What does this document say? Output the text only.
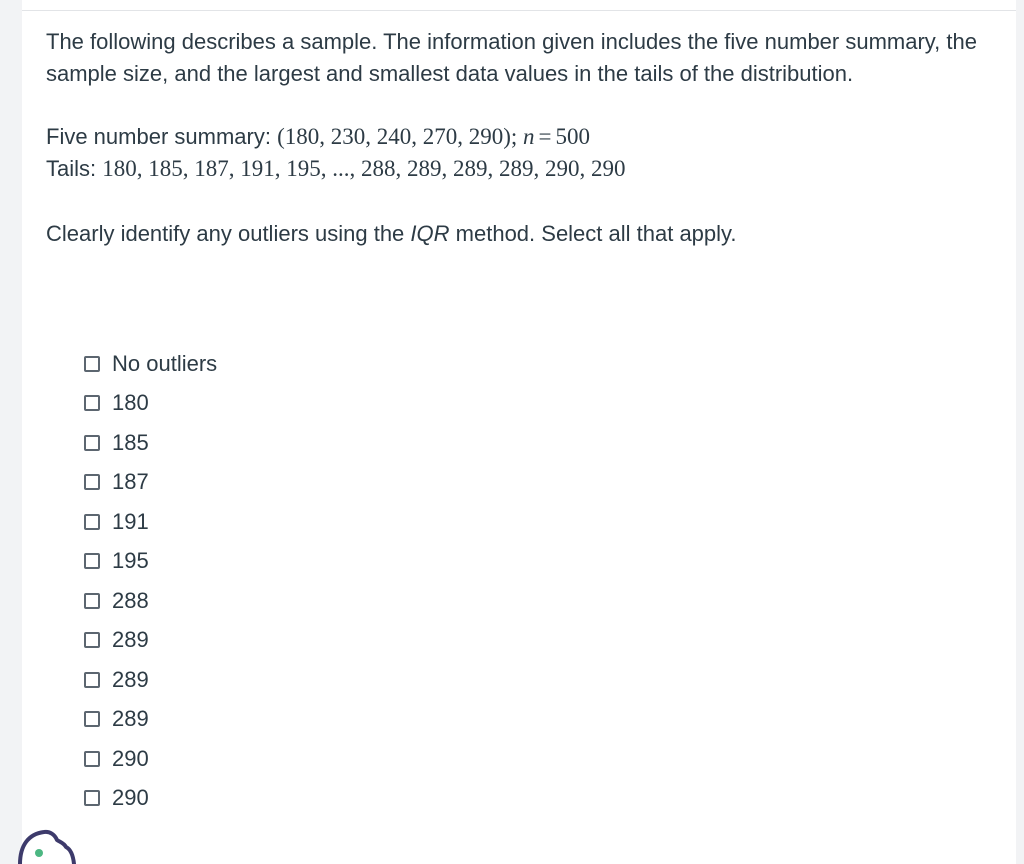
The following describes a sample. The information given includes the five number summary, the sample size, and the largest and smallest data values in the tails of the distribution.

Five number summary: (180, 230, 240, 270, 290); n = 500

Tails: 180, 185, 187, 191, 195, ..., 288, 289, 289, 289, 290, 290

Clearly identify any outliers using the IQR method. Select all that apply.

No outliers
180
185
187
191
195
288
289
289
289
290
290
